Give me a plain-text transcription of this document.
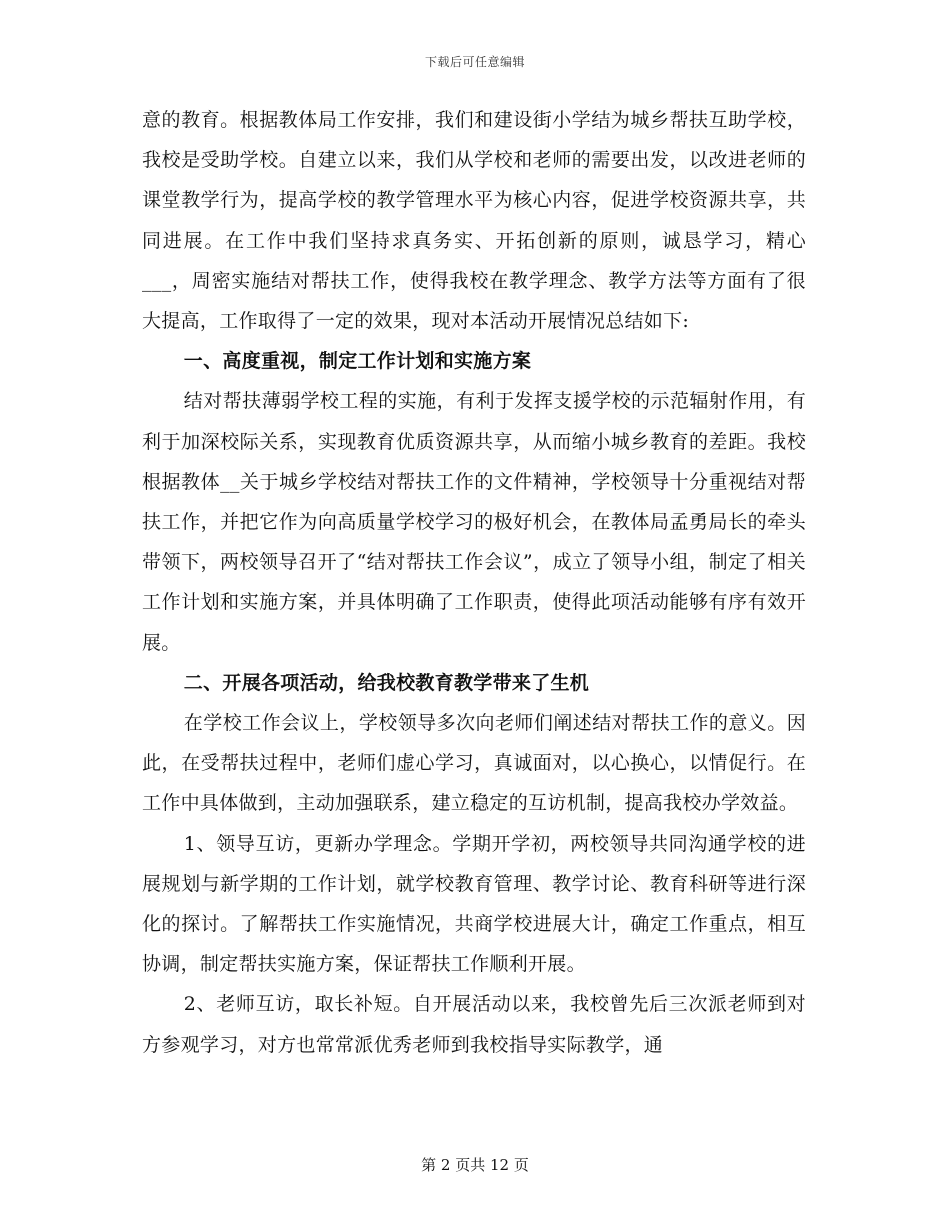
下载后可任意编辑

意的教育。根据教体局工作安排，我们和建设街小学结为城乡帮扶互助学校，我校是受助学校。自建立以来，我们从学校和老师的需要出发，以改进老师的课堂教学行为，提高学校的教学管理水平为核心内容，促进学校资源共享，共同进展。在工作中我们坚持求真务实、开拓创新的原则，诚恳学习，精心___，周密实施结对帮扶工作，使得我校在教学理念、教学方法等方面有了很大提高，工作取得了一定的效果，现对本活动开展情况总结如下:

一、高度重视，制定工作计划和实施方案

结对帮扶薄弱学校工程的实施，有利于发挥支援学校的示范辐射作用，有利于加深校际关系，实现教育优质资源共享，从而缩小城乡教育的差距。我校根据教体__关于城乡学校结对帮扶工作的文件精神，学校领导十分重视结对帮扶工作，并把它作为向高质量学校学习的极好机会，在教体局孟勇局长的牵头带领下，两校领导召开了“结对帮扶工作会议”，成立了领导小组，制定了相关工作计划和实施方案，并具体明确了工作职责，使得此项活动能够有序有效开展。

二、开展各项活动，给我校教育教学带来了生机

在学校工作会议上，学校领导多次向老师们阐述结对帮扶工作的意义。因此，在受帮扶过程中，老师们虚心学习，真诚面对，以心换心，以情促行。在工作中具体做到，主动加强联系，建立稳定的互访机制，提高我校办学效益。

1、领导互访，更新办学理念。学期开学初，两校领导共同沟通学校的进展规划与新学期的工作计划，就学校教育管理、教学讨论、教育科研等进行深化的探讨。了解帮扶工作实施情况，共商学校进展大计，确定工作重点，相互协调，制定帮扶实施方案，保证帮扶工作顺利开展。

2、老师互访，取长补短。自开展活动以来，我校曾先后三次派老师到对方参观学习，对方也常常派优秀老师到我校指导实际教学，通

第 2 页共 12 页
